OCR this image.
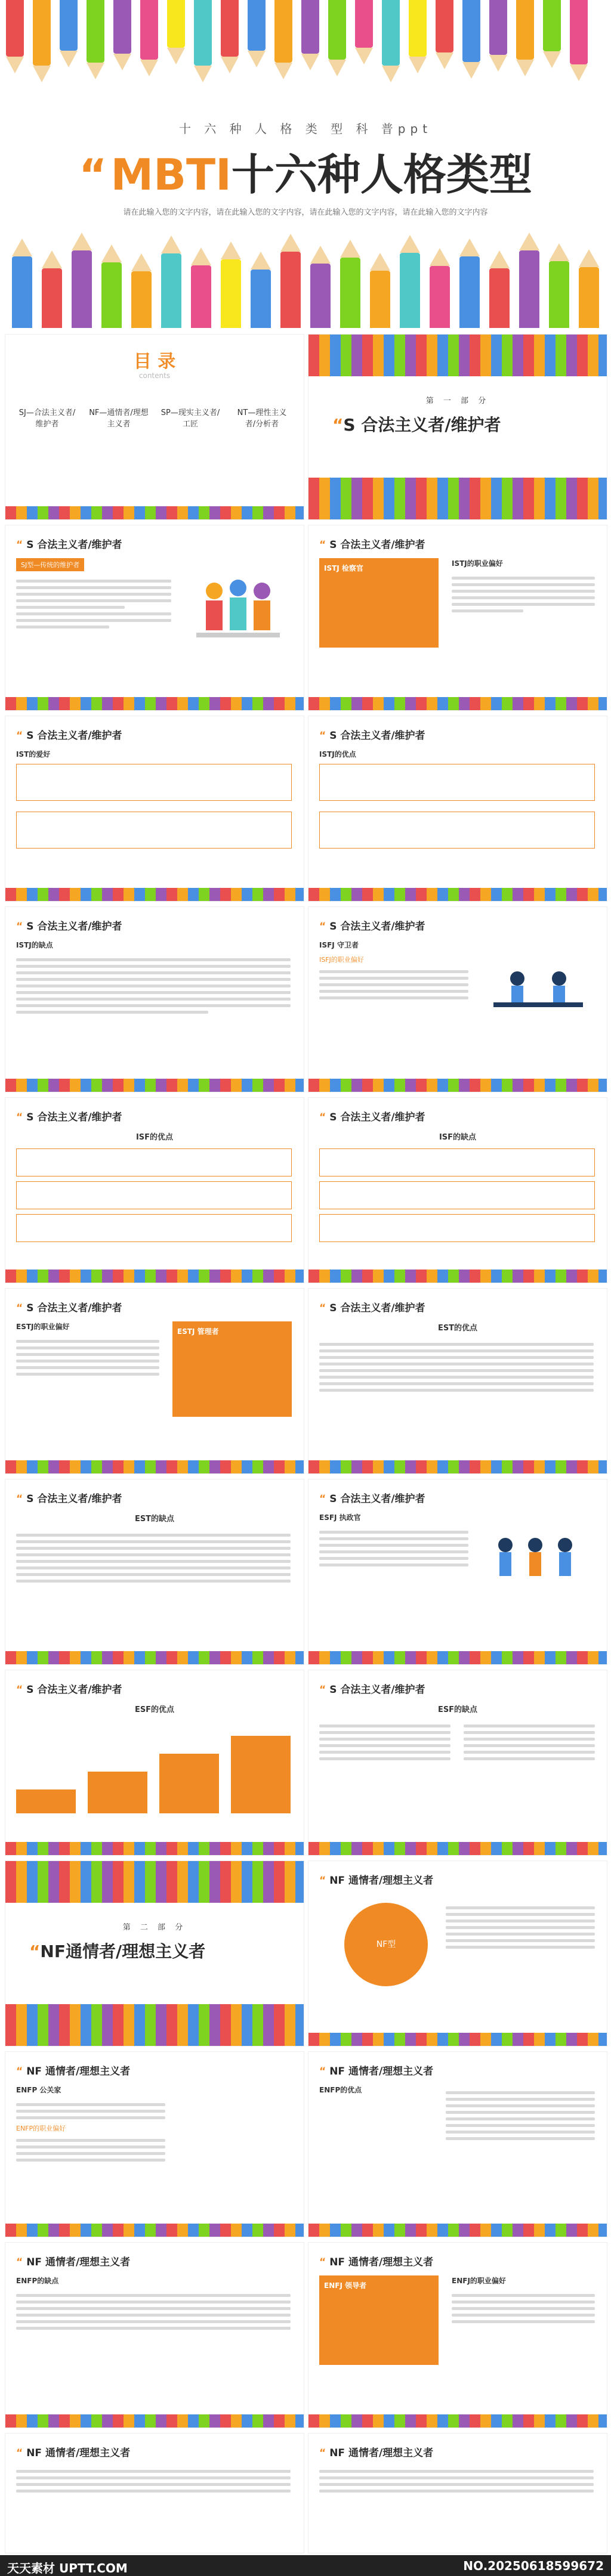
十 六 种 人 格 类 型 科 普ppt
“MBTI十六种人格类型
请在此输入您的文字内容，请在此输入您的文字内容，请在此输入您的文字内容，请在此输入您的文字内容
目 录
contents
SJ—合法主义者/维护者
NF—通情者/理想主义者
SP—现实主义者/工匠
NT—理性主义者/分析者
第 一 部 分
“S 合法主义者/维护者
“ S 合法主义者/维护者
SJ型—传统的维护者
“ S 合法主义者/维护者
ISTJ 检察官
ISTJ的职业偏好
“ S 合法主义者/维护者
IST的爱好
“ S 合法主义者/维护者
ISTJ的优点
“ S 合法主义者/维护者
ISTJ的缺点
“ S 合法主义者/维护者
ISFJ 守卫者
ISFJ的职业偏好
“ S 合法主义者/维护者
ISF的优点
“ S 合法主义者/维护者
ISF的缺点
“ S 合法主义者/维护者
ESTJ的职业偏好
ESTJ 管理者
“ S 合法主义者/维护者
EST的优点
“ S 合法主义者/维护者
EST的缺点
“ S 合法主义者/维护者
ESFJ 执政官
“ S 合法主义者/维护者
ESF的优点
“ S 合法主义者/维护者
ESF的缺点
第 二 部 分
“NF通情者/理想主义者
“ NF 通情者/理想主义者
NF型
“ NF 通情者/理想主义者
ENFP 公关家
ENFP的职业偏好
“ NF 通情者/理想主义者
ENFP的优点
“ NF 通情者/理想主义者
ENFP的缺点
“ NF 通情者/理想主义者
ENFJ 领导者
ENFJ的职业偏好
“ NF 通情者/理想主义者	“ NF 通情者/理想主义者
天天素材 UPTT.COM	NO.20250618599672
